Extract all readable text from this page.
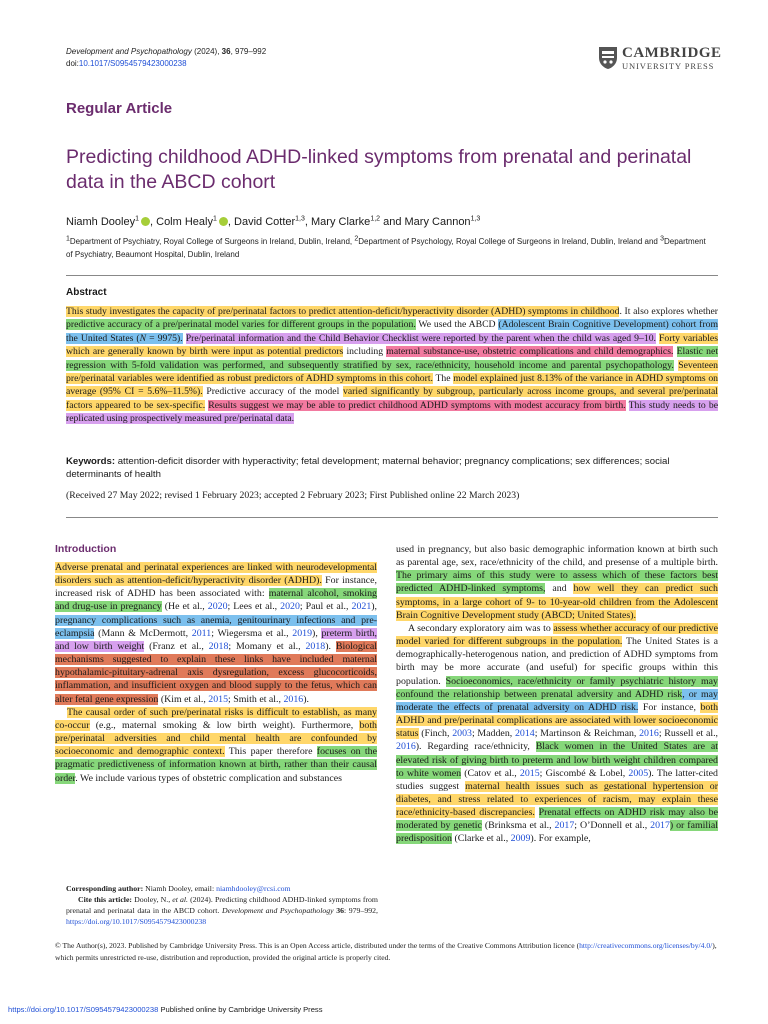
Development and Psychopathology (2024), 36, 979–992
doi:10.1017/S0954579423000238
CAMBRIDGE
UNIVERSITY PRESS
Regular Article
Predicting childhood ADHD-linked symptoms from prenatal and perinatal data in the ABCD cohort
Niamh Dooley$^1$ , Colm Healy$^1$ , David Cotter$^{1,3}$, Mary Clarke$^{1,2}$ and Mary Cannon$^{1,3}$
$^1$Department of Psychiatry, Royal College of Surgeons in Ireland, Dublin, Ireland, $^2$Department of Psychology, Royal College of Surgeons in Ireland, Dublin, Ireland and $^3$Department of Psychiatry, Beaumont Hospital, Dublin, Ireland
Abstract
This study investigates the capacity of pre/perinatal factors to predict attention-deficit/hyperactivity disorder (ADHD) symptoms in childhood. It also explores whether predictive accuracy of a pre/perinatal model varies for different groups in the population. We used the ABCD (Adolescent Brain Cognitive Development) cohort from the United States (N = 9975). Pre/perinatal information and the Child Behavior Checklist were reported by the parent when the child was aged 9–10. Forty variables which are generally known by birth were input as potential predictors including maternal substance-use, obstetric complications and child demographics. Elastic net regression with 5-fold validation was performed, and subsequently stratified by sex, race/ethnicity, household income and parental psychopathology. Seventeen pre/perinatal variables were identified as robust predictors of ADHD symptoms in this cohort. The model explained just 8.13% of the variance in ADHD symptoms on average (95% CI = 5.6%–11.5%). Predictive accuracy of the model varied significantly by subgroup, particularly across income groups, and several pre/perinatal factors appeared to be sex-specific. Results suggest we may be able to predict childhood ADHD symptoms with modest accuracy from birth. This study needs to be replicated using prospectively measured pre/perinatal data.
Keywords: attention-deficit disorder with hyperactivity; fetal development; maternal behavior; pregnancy complications; sex differences; social determinants of health
(Received 27 May 2022; revised 1 February 2023; accepted 2 February 2023; First Published online 22 March 2023)
Introduction

Adverse prenatal and perinatal experiences are linked with neurodevelopmental disorders such as attention-deficit/hyperactivity disorder (ADHD). For instance, increased risk of ADHD has been associated with: maternal alcohol, smoking and drug-use in pregnancy (He et al., 2020; Lees et al., 2020; Paul et al., 2021), pregnancy complications such as anemia, genitourinary infections and pre-eclampsia (Mann & McDermott, 2011; Wiegersma et al., 2019), preterm birth, and low birth weight (Franz et al., 2018; Momany et al., 2018). Biological mechanisms suggested to explain these links have included maternal hypothalamic-pituitary-adrenal axis dysregulation, excess glucocorticoids, inflammation, and insufficient oxygen and blood supply to the fetus, which can alter fetal gene expression (Kim et al., 2015; Smith et al., 2016).

The causal order of such pre/perinatal risks is difficult to establish, as many co-occur (e.g., maternal smoking & low birth weight). Furthermore, both pre/perinatal adversities and child mental health are confounded by socioeconomic and demographic context. This paper therefore focuses on the pragmatic predictiveness of information known at birth, rather than their causal order. We include various types of obstetric complication and substances

Corresponding author: Niamh Dooley, email: niamhdooley@rcsi.com
Cite this article: Dooley, N., et al. (2024). Predicting childhood ADHD-linked symptoms from prenatal and perinatal data in the ABCD cohort. Development and Psychopathology 36: 979–992, https://doi.org/10.1017/S0954579423000238

used in pregnancy, but also basic demographic information known at birth such as parental age, sex, race/ethnicity of the child, and presense of a multiple birth. The primary aims of this study were to assess which of these factors best predicted ADHD-linked symptoms, and how well they can predict such symptoms, in a large cohort of 9- to 10-year-old children from the Adolescent Brain Cognitive Development study (ABCD; United States).

A secondary exploratory aim was to assess whether accuracy of our predictive model varied for different subgroups in the population. The United States is a demographically-heterogenous nation, and prediction of ADHD symptoms from birth may be more accurate (and useful) for specific groups within this population. Socioeconomics, race/ethnicity or family psychiatric history may confound the relationship between prenatal adversity and ADHD risk, or may moderate the effects of prenatal adversity on ADHD risk. For instance, both ADHD and pre/perinatal complications are associated with lower socioeconomic status (Finch, 2003; Madden, 2014; Martinson & Reichman, 2016; Russell et al., 2016). Regarding race/ethnicity, Black women in the United States are at elevated risk of giving birth to preterm and low birth weight children compared to white women (Catov et al., 2015; Giscombé & Lobel, 2005). The latter-cited studies suggest maternal health issues such as gestational hypertension or diabetes, and stress related to experiences of racism, may explain these race/ethnicity-based discrepancies. Prenatal effects on ADHD risk may also be moderated by genetic (Brinksma et al., 2017; O’Donnell et al., 2017) or familial predisposition (Clarke et al., 2009). For example,

© The Author(s), 2023. Published by Cambridge University Press. This is an Open Access article, distributed under the terms of the Creative Commons Attribution licence (http://creativecommons.org/licenses/by/4.0/), which permits unrestricted re-use, distribution and reproduction, provided the original article is properly cited.
https://doi.org/10.1017/S0954579423000238 Published online by Cambridge University Press
